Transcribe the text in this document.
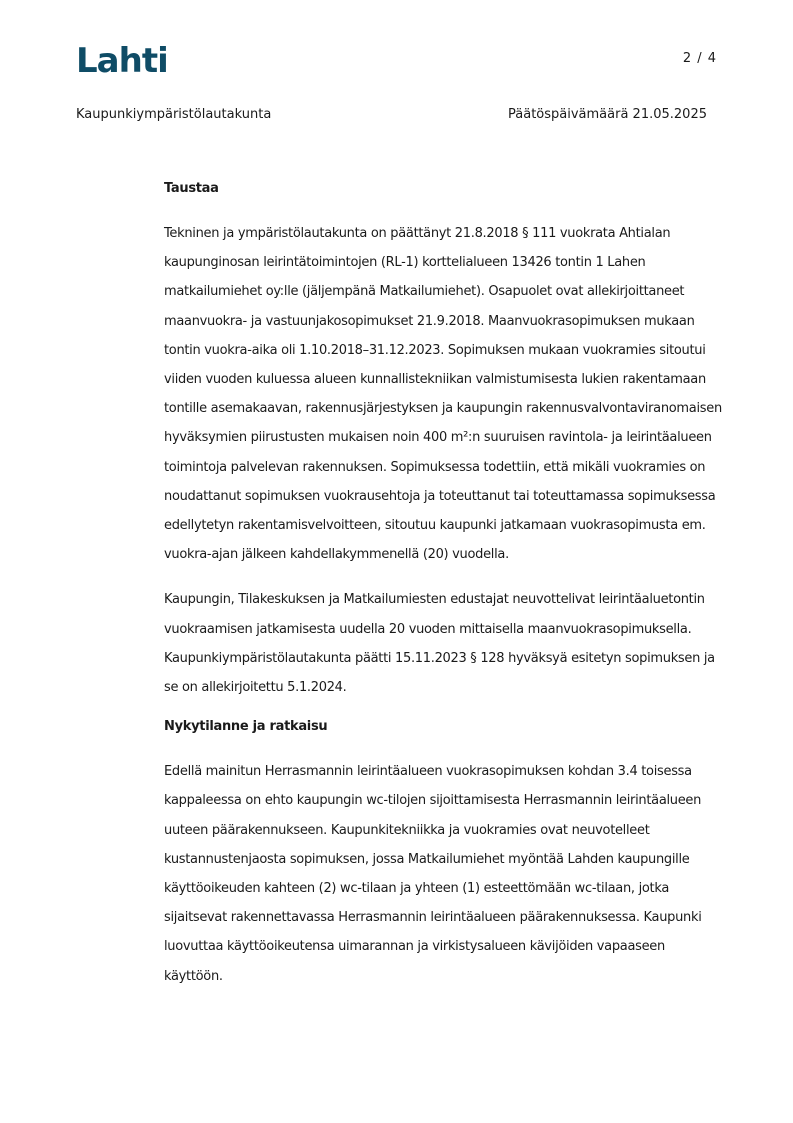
Lahti	2 / 4
Kaupunkiympäristölautakunta	Päätöspäivämäärä 21.05.2025
Taustaa

Tekninen ja ympäristölautakunta on päättänyt 21.8.2018 § 111 vuokrata Ahtialan kaupunginosan leirintätoimintojen (RL-1) korttelialueen 13426 tontin 1 Lahen matkailumiehet oy:lle (jäljempänä Matkailumiehet). Osapuolet ovat allekirjoittaneet maanvuokra- ja vastuunjakosopimukset 21.9.2018. Maanvuokrasopimuksen mukaan tontin vuokra-aika oli 1.10.2018–31.12.2023. Sopimuksen mukaan vuokramies sitoutui viiden vuoden kuluessa alueen kunnallistekniikan valmistumisesta lukien rakentamaan tontille asemakaavan, rakennusjärjestyksen ja kaupungin rakennusvalvontaviranomaisen hyväksymien piirustusten mukaisen noin 400 m²:n suuruisen ravintola- ja leirintäalueen toimintoja palvelevan rakennuksen. Sopimuksessa todettiin, että mikäli vuokramies on noudattanut sopimuksen vuokrausehtoja ja toteuttanut tai toteuttamassa sopimuksessa edellytetyn rakentamisvelvoitteen, sitoutuu kaupunki jatkamaan vuokrasopimusta em. vuokra-ajan jälkeen kahdellakymmenellä (20) vuodella.

Kaupungin, Tilakeskuksen ja Matkailumiesten edustajat neuvottelivat leirintäaluetontin vuokraamisen jatkamisesta uudella 20 vuoden mittaisella maanvuokrasopimuksella. Kaupunkiympäristölautakunta päätti 15.11.2023 § 128 hyväksyä esitetyn sopimuksen ja se on allekirjoitettu 5.1.2024.

Nykytilanne ja ratkaisu

Edellä mainitun Herrasmannin leirintäalueen vuokrasopimuksen kohdan 3.4 toisessa kappaleessa on ehto kaupungin wc-tilojen sijoittamisesta Herrasmannin leirintäalueen uuteen päärakennukseen. Kaupunkitekniikka ja vuokramies ovat neuvotelleet kustannustenjaosta sopimuksen, jossa Matkailumiehet myöntää Lahden kaupungille käyttöoikeuden kahteen (2) wc-tilaan ja yhteen (1) esteettömään wc-tilaan, jotka sijaitsevat rakennettavassa Herrasmannin leirintäalueen päärakennuksessa. Kaupunki luovuttaa käyttöoikeutensa uimarannan ja virkistysalueen kävijöiden vapaaseen käyttöön.
